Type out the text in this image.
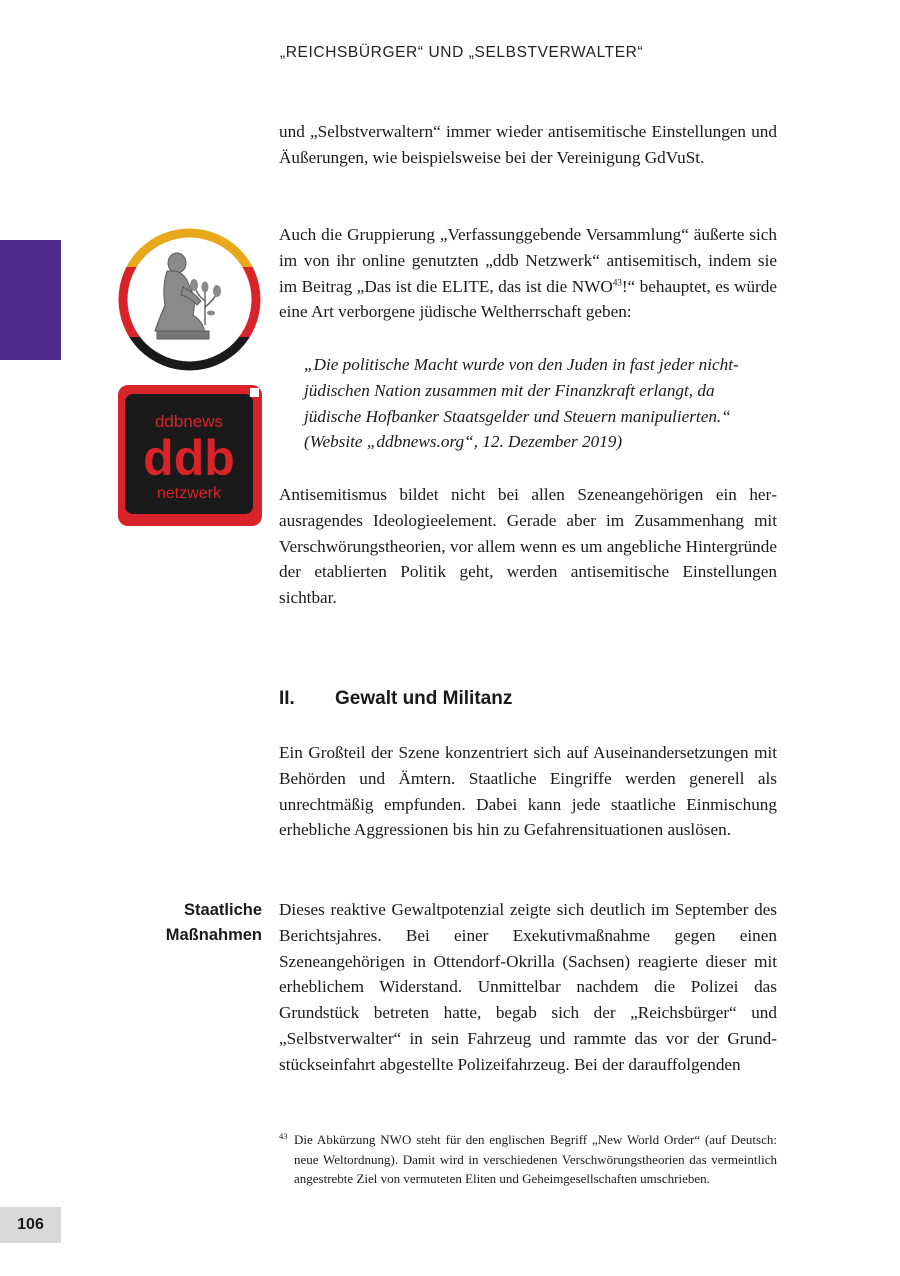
„REICHSBÜRGER“ UND „SELBSTVERWALTER“
ddbnews
ddb
netzwerk

und „Selbstverwaltern“ immer wieder antisemitische Einstellungen und Äußerungen, wie beispielsweise bei der Vereinigung GdVuSt.

Auch die Gruppierung „Verfassunggebende Versammlung“ äußerte sich im von ihr online genutzten „ddb Netzwerk“ antisemitisch, indem sie im Beitrag „Das ist die ELITE, das ist die NWO$^{43}$!“ behauptet, es würde eine Art verborgene jüdische Weltherrschaft geben:

„Die politische Macht wurde von den Juden in fast jeder nicht-jüdischen Nation zusammen mit der Finanzkraft erlangt, da jüdische Hofbanker Staatsgelder und Steuern manipulierten.“

(Website „ddbnews.org“, 12. Dezember 2019)

Antisemitismus bildet nicht bei allen Szeneangehörigen ein herausragendes Ideologieelement. Gerade aber im Zusammenhang mit Verschwörungstheorien, vor allem wenn es um angebliche Hintergründe der etablierten Politik geht, werden antisemitische Einstellungen sichtbar.

II. Gewalt und Militanz

Ein Großteil der Szene konzentriert sich auf Auseinandersetzungen mit Behörden und Ämtern. Staatliche Eingriffe werden generell als unrechtmäßig empfunden. Dabei kann jede staatliche Einmischung erhebliche Aggressionen bis hin zu Gefahrensituationen auslösen.

Staatliche
Maßnahmen

Dieses reaktive Gewaltpotenzial zeigte sich deutlich im September des Berichtsjahres. Bei einer Exekutivmaßnahme gegen einen Szeneangehörigen in Ottendorf-Okrilla (Sachsen) reagierte dieser mit erheblichem Widerstand. Unmittelbar nachdem die Polizei das Grundstück betreten hatte, begab sich der „Reichsbürger“ und „Selbstverwalter“ in sein Fahrzeug und rammte das vor der Grundstückseinfahrt abgestellte Polizeifahrzeug. Bei der darauffolgenden

43 Die Abkürzung NWO steht für den englischen Begriff „New World Order“ (auf Deutsch: neue Weltordnung). Damit wird in verschiedenen Verschwörungstheorien das vermeintlich angestrebte Ziel von vermuteten Eliten und Geheimgesellschaften umschrieben.
106
